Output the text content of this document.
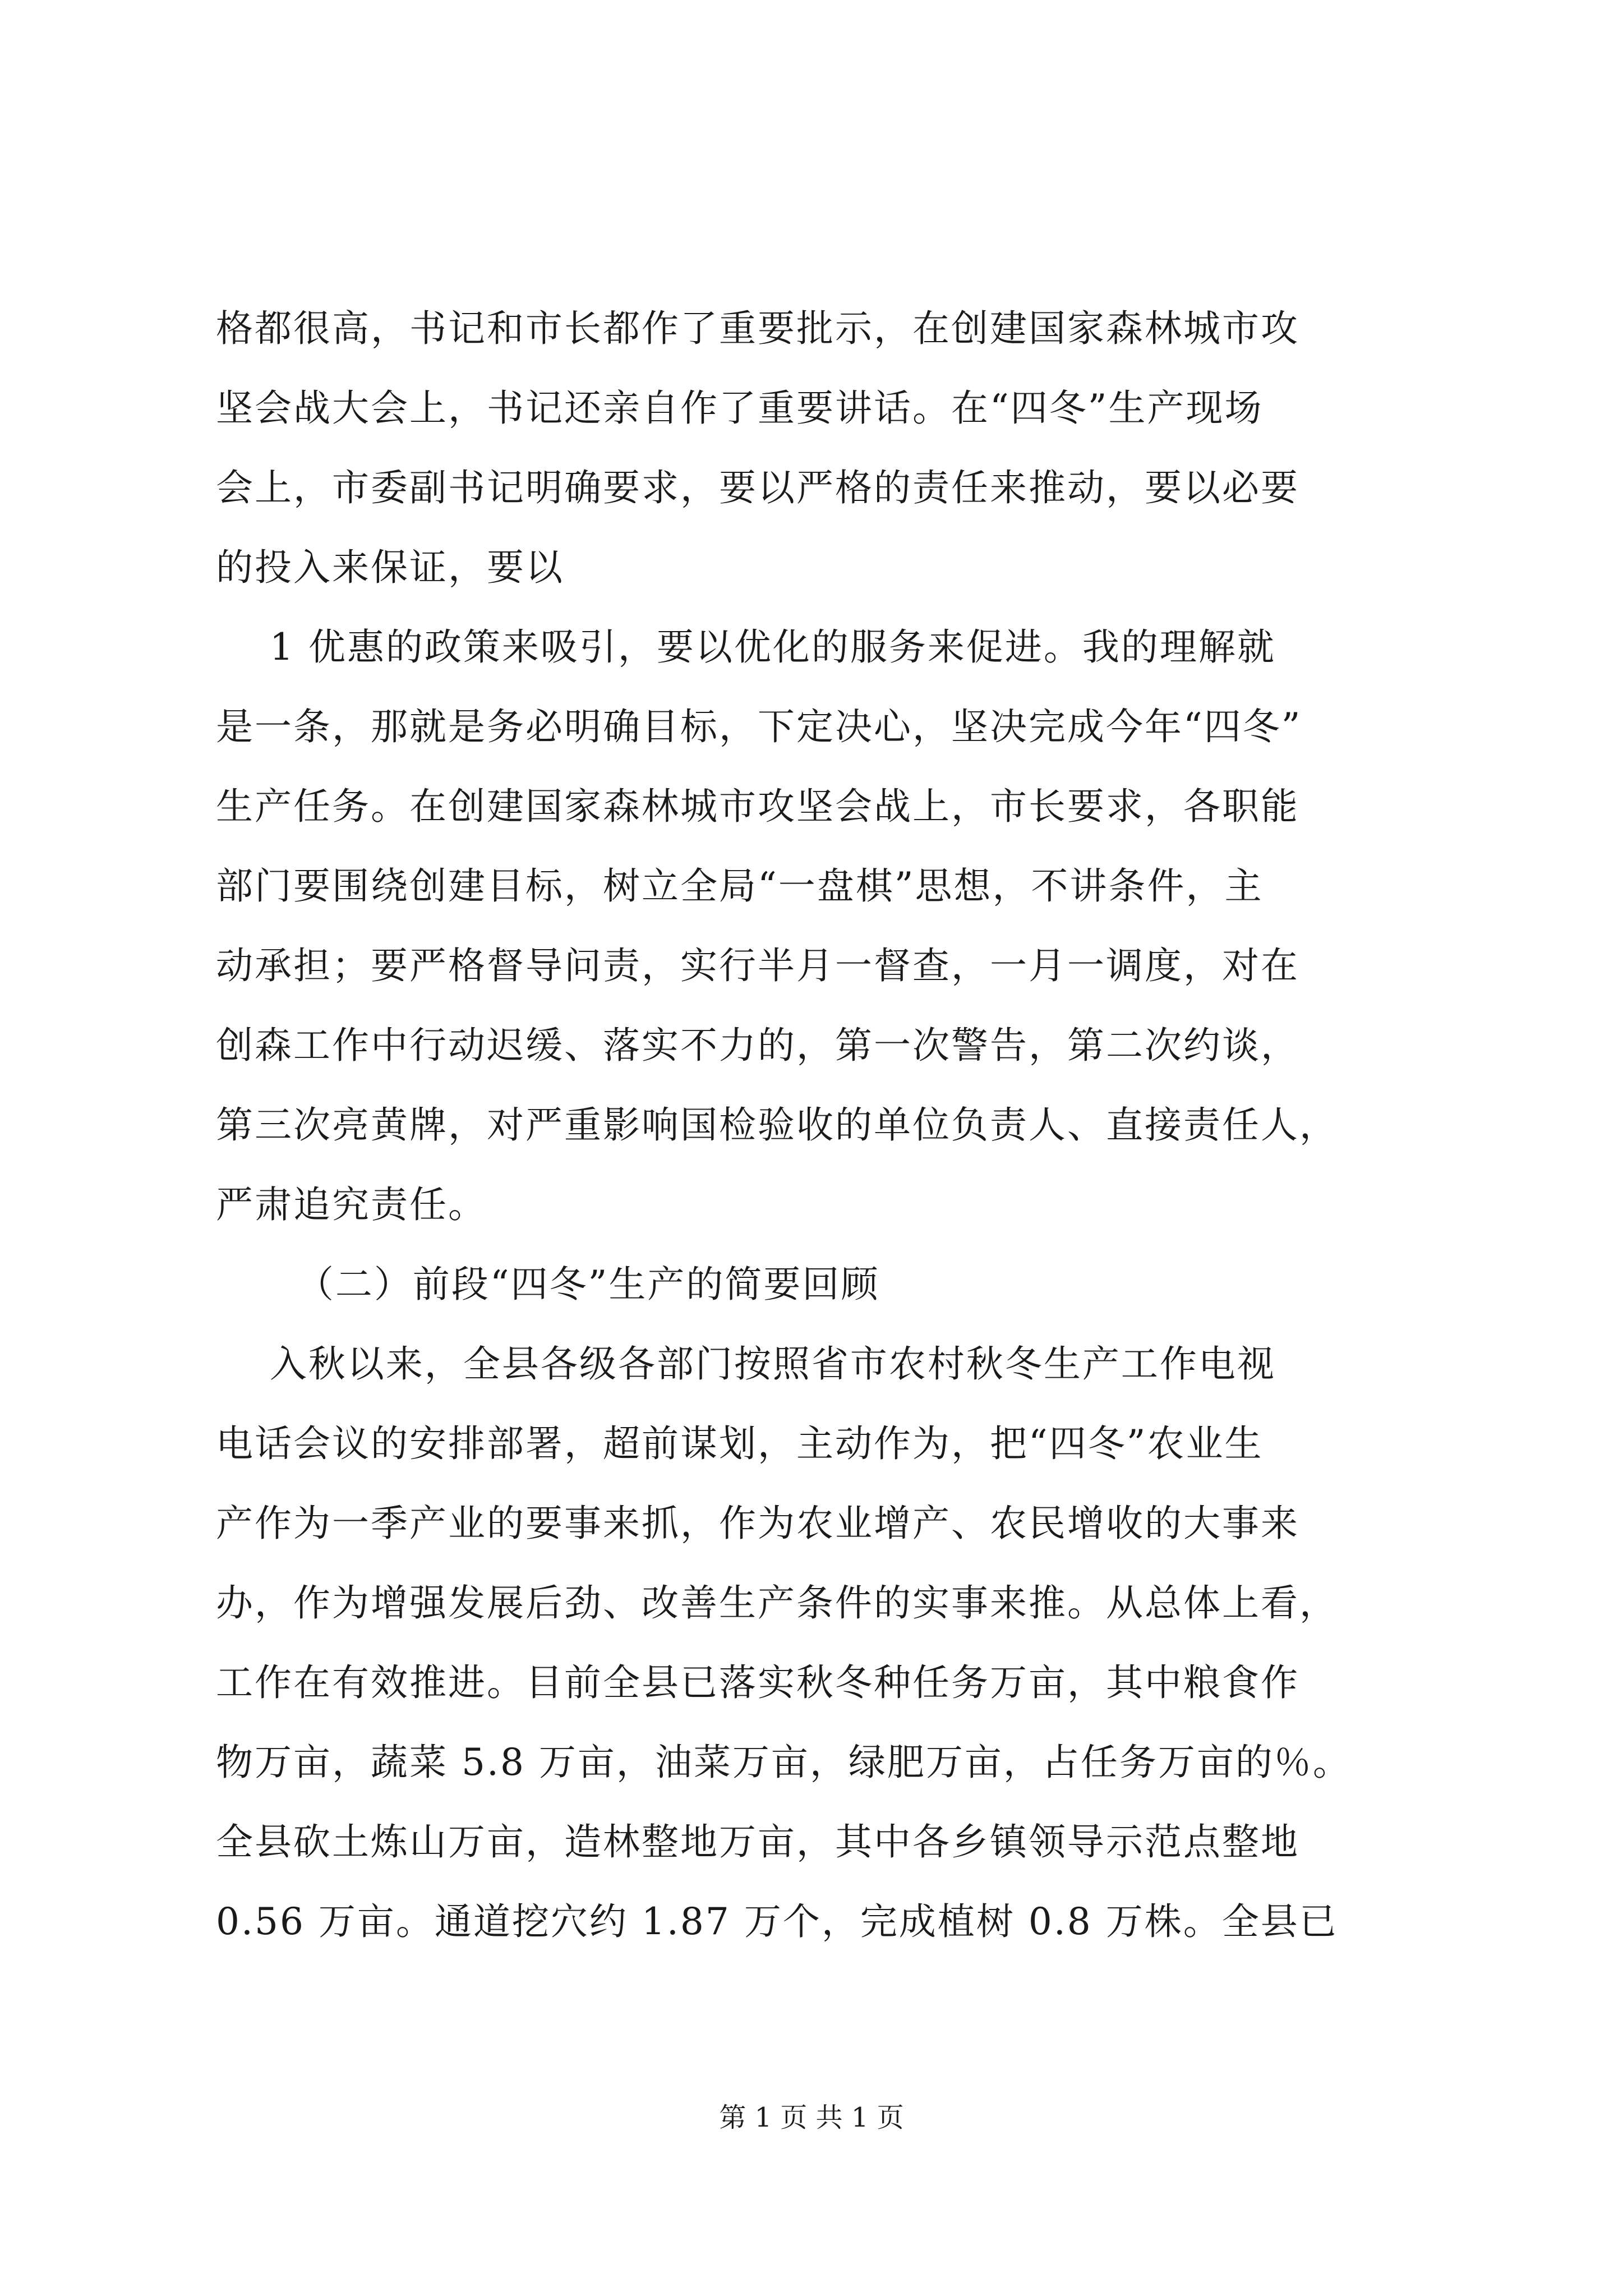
格都很高，书记和市长都作了重要批示，在创建国家森林城市攻
坚会战大会上，书记还亲自作了重要讲话。在“四冬”生产现场
会上，市委副书记明确要求，要以严格的责任来推动，要以必要
的投入来保证，要以
1 优惠的政策来吸引，要以优化的服务来促进。我的理解就
是一条，那就是务必明确目标，下定决心，坚决完成今年“四冬”
生产任务。在创建国家森林城市攻坚会战上，市长要求，各职能
部门要围绕创建目标，树立全局“一盘棋”思想，不讲条件，主
动承担；要严格督导问责，实行半月一督查，一月一调度，对在
创森工作中行动迟缓、落实不力的，第一次警告，第二次约谈，
第三次亮黄牌，对严重影响国检验收的单位负责人、直接责任人，
严肃追究责任。
（二）前段“四冬”生产的简要回顾
入秋以来，全县各级各部门按照省市农村秋冬生产工作电视
电话会议的安排部署，超前谋划，主动作为，把“四冬”农业生
产作为一季产业的要事来抓，作为农业增产、农民增收的大事来
办，作为增强发展后劲、改善生产条件的实事来推。从总体上看，
工作在有效推进。目前全县已落实秋冬种任务万亩，其中粮食作
物万亩，蔬菜 5.8 万亩，油菜万亩，绿肥万亩，占任务万亩的％。
全县砍土炼山万亩，造林整地万亩，其中各乡镇领导示范点整地
0.56 万亩。通道挖穴约 1.87 万个，完成植树 0.8 万株。全县已
第 1 页 共 1 页
